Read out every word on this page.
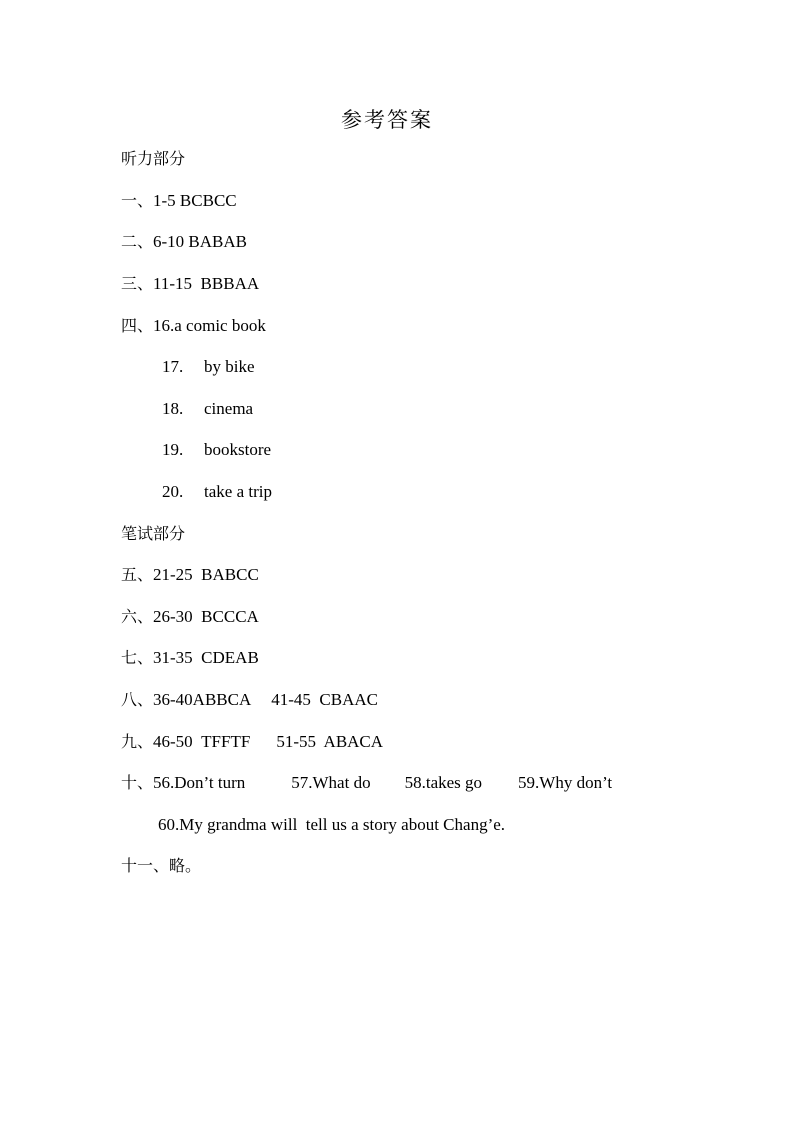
参考答案
听力部分
一、1-5 BCBCC
二、6-10 BABAB
三、11-15  BBBAA
四、16.a comic book
17. by bike
18. cinema
19. bookstore
20. take a trip
笔试部分
五、21-25  BABCC
六、26-30  BCCCA
七、31-35  CDEAB
八、36-40ABBCA 41-45  CBAAC
九、46-50  TFFTF 51-55  ABACA
十、56.Don’t turn	57.What do 58.takes go 59.Why don’t
60.My grandma will  tell us a story about Chang’e.
十一、略。
